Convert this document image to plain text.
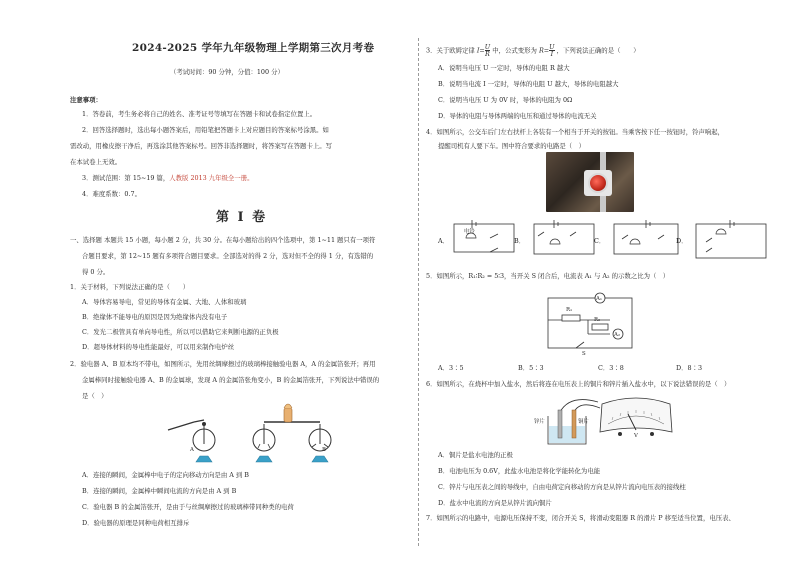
2024-2025 学年九年级物理上学期第三次月考卷
（考试时间：90 分钟，分值：100 分）
注意事项：
1．答卷前，考生务必将自己的姓名、准考证号等填写在答题卡和试卷指定位置上。
2．回答选择题时，选出每小题答案后，用铅笔把答题卡上对应题目的答案标号涂黑。如
需改动，用橡皮擦干净后，再选涂其他答案标号。回答非选择题时，将答案写在答题卡上。写
在本试卷上无效。
3．测试范围：第 15~19 篇，人教版 2013 九年级全一册。
4．难度系数：0.7。
第 I 卷
一、选择题 本题共 15 小题，每小题 2 分，共 30 分。在每小题给出的四个选项中，第 1~11 题只有一项符
合题目要求，第 12~15 题有多项符合题目要求。全部选对的得 2 分，选对但不全的得 1 分，有选错的
得 0 分。
1．关于材料，下列说法正确的是（　　）
A．导体容易导电，常见的导体有金属、大地、人体和玻璃
B．绝缘体不能导电的原因是因为绝缘体内没有电子
C．发光二极管具有单向导电性，所以可以借助它来判断电源的正负极
D．超导体材料的导电性能最好，可以用来制作电炉丝
2．验电器 A、B 原本均不带电，如图所示，先用丝绸摩擦过的玻璃棒接触验电器 A，A 的金属箔张开；再用
金属棒同时接触验电器 A、B 的金属球，发现 A 的金属箔张角变小，B 的金属箔张开，下列说法中错误的
是（　）
A	B
A．连接的瞬间，金属棒中电子的定向移动方向是由 A 到 B
B．连接的瞬间，金属棒中瞬间电流的方向是由 A 到 B
C．验电器 B 的金属箔张开，是由于与丝绸摩擦过的玻璃棒带同种类的电荷
D．验电器的原理是同种电荷相互排斥
3．关于欧姆定律 $I= \frac{U}{R}$ 中，公式变形为 $R= \frac{U}{I}$ ，下列说法正确的是（　　）
A．说明当电压 U 一定时，导体的电阻 R 越大
B．说明当电流 I 一定时，导体的电阻 U 越大，导体的电阻越大
C．说明当电压 U 为 0V 时，导体的电阻为 0Ω
D．导体的电阻与导体两端的电压和通过导体的电流无关
4．如图所示，公交车后门左右扶杆上各装有一个相当于开关的按钮。当乘客按下任一按钮时，铃声响起，
提醒司机有人要下车。图中符合要求的电路是（　）
A．	B．	C．	D．
电铃
5．如图所示，R₁∶R₂ = 5∶3，当开关 S 闭合后，电流表 A₁ 与 A₂ 的示数之比为（　）
R₁
R₂
A₁
A₂
S
A．3∶5	B．5∶3	C．3∶8	D．8∶3
6．如图所示，在烧杯中加入盐水，然后将连在电压表上的铜片和锌片插入盐水中，以下说法错误的是（　）
锌片	铜片
V
A．铜片是盐水电池的正极
B．电池电压为 0.6V，此盐水电池是将化学能转化为电能
C．锌片与电压表之间的导线中，自由电荷定向移动的方向是从锌片流向电压表的接线柱
D．盐水中电流的方向是从锌片流向铜片
7．如图所示的电路中，电源电压保持不变，闭合开关 S，将滑动变阻器 R 的滑片 P 移至适当位置，电压表、
